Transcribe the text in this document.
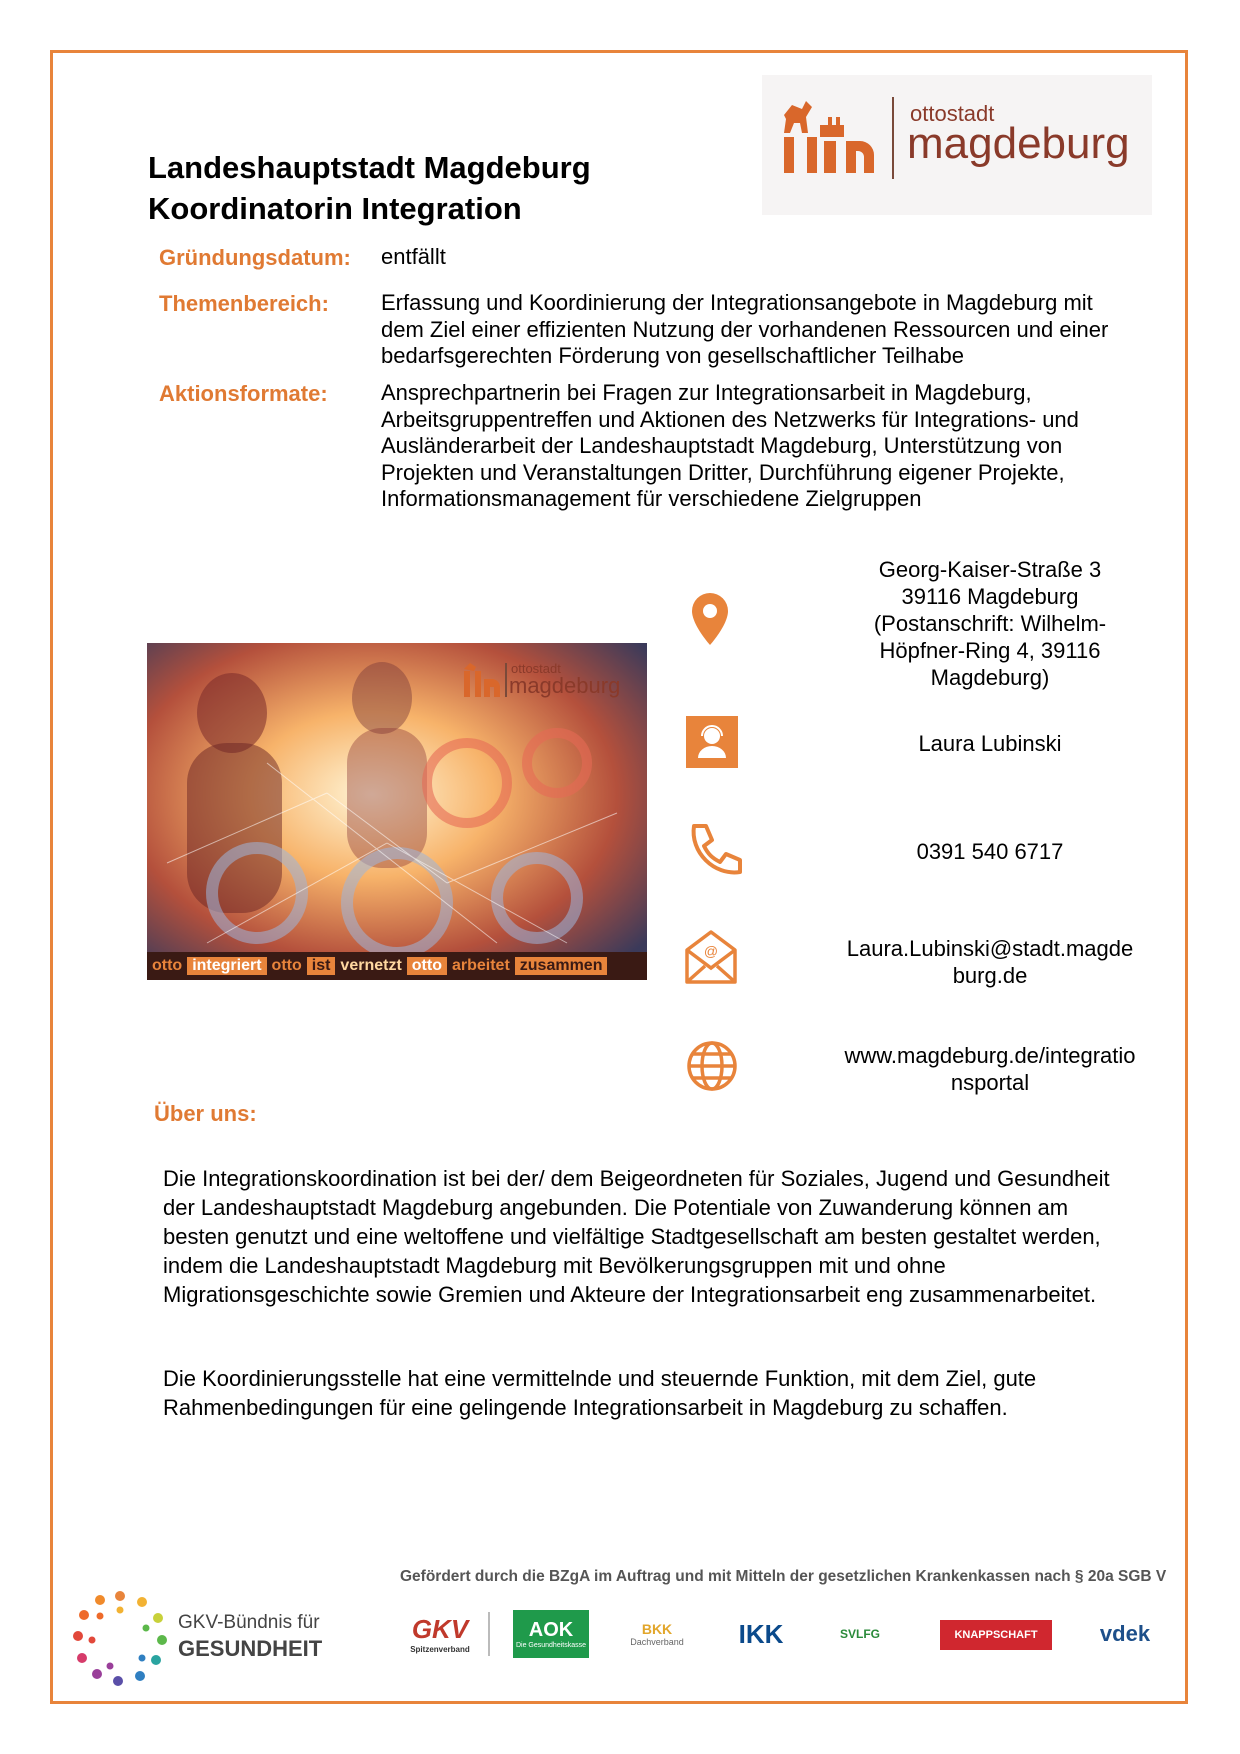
Landeshauptstadt Magdeburg
Koordinatorin Integration
ottostadt
magdeburg
Gründungsdatum: entfällt
Themenbereich: Erfassung und Koordinierung der Integrationsangebote in Magdeburg mit dem Ziel einer effizienten Nutzung der vorhandenen Ressourcen und einer bedarfsgerechten Förderung von gesellschaftlicher Teilhabe
Aktionsformate: Ansprechpartnerin bei Fragen zur Integrationsarbeit in Magdeburg, Arbeitsgruppentreffen und Aktionen des Netzwerks für Integrations- und Ausländerarbeit der Landeshauptstadt Magdeburg, Unterstützung von Projekten und Veranstaltungen Dritter, Durchführung eigener Projekte, Informationsmanagement für verschiedene Zielgruppen
ottostadt
magdeburg
otto integriert otto ist vernetzt otto arbeitet zusammen
@
Georg-Kaiser-Straße 3
39116 Magdeburg
(Postanschrift: Wilhelm-
Höpfner-Ring 4, 39116
Magdeburg)
Laura Lubinski
0391 540 6717
Laura.Lubinski@stadt.magde
burg.de
www.magdeburg.de/integratio
nsportal
Über uns:
Die Integrationskoordination ist bei der/ dem Beigeordneten für Soziales, Jugend und Gesundheit der Landeshauptstadt Magdeburg angebunden. Die Potentiale von Zuwanderung können am besten genutzt und eine weltoffene und vielfältige Stadtgesellschaft am besten gestaltet werden, indem die Landeshauptstadt Magdeburg mit Bevölkerungsgruppen mit und ohne Migrationsgeschichte sowie Gremien und Akteure der Integrationsarbeit eng zusammenarbeitet.
Die Koordinierungsstelle hat eine vermittelnde und steuernde Funktion, mit dem Ziel, gute Rahmenbedingungen für eine gelingende Integrationsarbeit in Magdeburg zu schaffen.
Gefördert durch die BZgA im Auftrag und mit Mitteln der gesetzlichen Krankenkassen nach § 20a SGB V
GKV-Bündnis für
GESUNDHEIT
GKV
Spitzenverband
AOK
Die Gesundheitskasse
BKK
Dachverband	IKK	SVLFG	KNAPPSCHAFT	vdek
